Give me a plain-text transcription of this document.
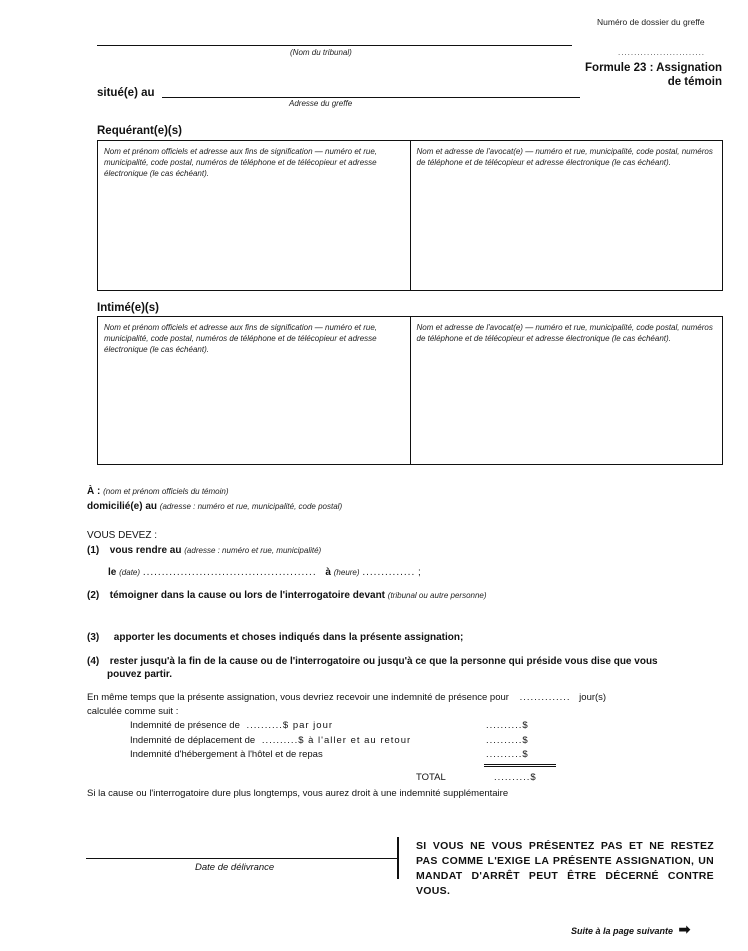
Numéro de dossier du greffe
...........................
(Nom du tribunal)
Formule 23 : Assignation
de témoin
situé(e) au
Adresse du greffe
Requérant(e)(s)
Nom et prénom officiels et adresse aux fins de signification — numéro et rue, municipalité, code postal, numéros de téléphone et de télécopieur et adresse électronique (le cas échéant).
Nom et adresse de l'avocat(e) — numéro et rue, municipalité, code postal, numéros de téléphone et de télécopieur et adresse électronique (le cas échéant).
Intimé(e)(s)
Nom et prénom officiels et adresse aux fins de signification — numéro et rue, municipalité, code postal, numéros de téléphone et de télécopieur et adresse électronique (le cas échéant).
Nom et adresse de l'avocat(e) — numéro et rue, municipalité, code postal, numéros de téléphone et de télécopieur et adresse électronique (le cas échéant).
À : (nom et prénom officiels du témoin)
domicilié(e) au (adresse : numéro et rue, municipalité, code postal)
VOUS DEVEZ :
(1) vous rendre au (adresse : numéro et rue, municipalité)
le (date) .............................................. à (heure) .............. ;
(2) témoigner dans la cause ou lors de l'interrogatoire devant (tribunal ou autre personne)
(3) apporter les documents et choses indiqués dans la présente assignation;
(4) rester jusqu'à la fin de la cause ou de l'interrogatoire ou jusqu'à ce que la personne qui préside vous dise que vous
pouvez partir.
En même temps que la présente assignation, vous devriez recevoir une indemnité de présence pour .............. jour(s)
calculée comme suit :
Indemnité de présence de ..........$ par jour	..........$
Indemnité de déplacement de ..........$ à l'aller et au retour	..........$
Indemnité d'hébergement à l'hôtel et de repas	..........$
TOTAL	..........$
Si la cause ou l'interrogatoire dure plus longtemps, vous aurez droit à une indemnité supplémentaire
Date de délivrance
SI VOUS NE VOUS PRÉSENTEZ PAS ET NE RESTEZ PAS COMME L'EXIGE LA PRÉSENTE ASSIGNATION, UN MANDAT D'ARRÊT PEUT ÊTRE DÉCERNÉ CONTRE VOUS.
Suite à la page suivante ➡
